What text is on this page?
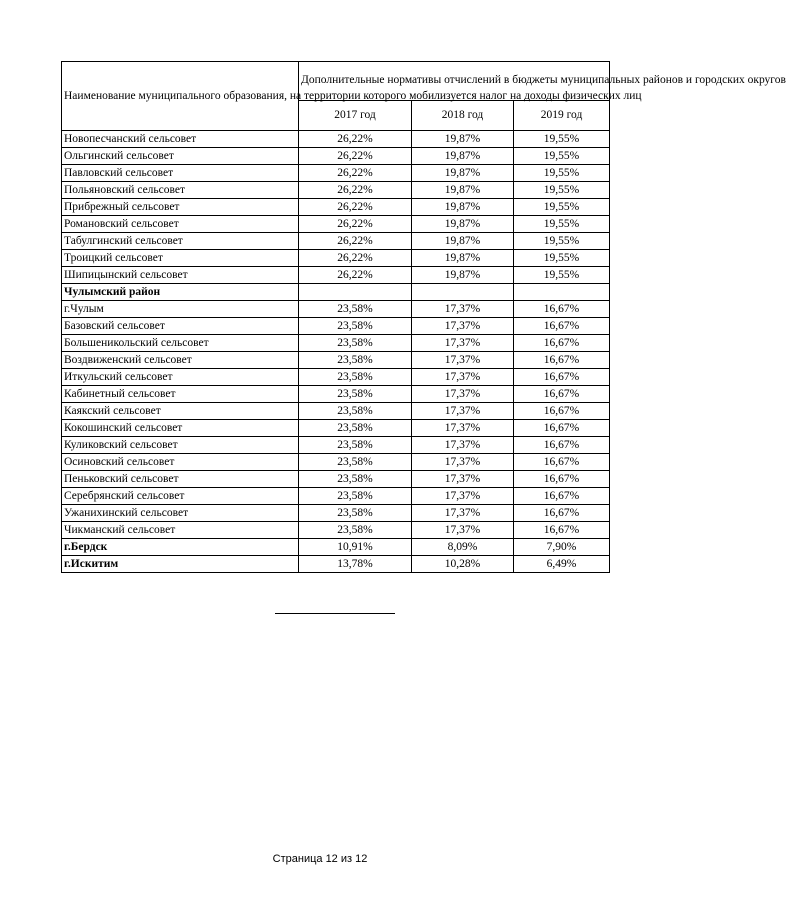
Наименование муниципального образования, на территории которого мобилизуется налог на доходы физических лиц	Дополнительные нормативы отчислений в бюджеты муниципальных районов и городских округов		
	2017 год	2018 год	2019 год
Новопесчанский сельсовет	26,22%	19,87%	19,55%
Ольгинский сельсовет	26,22%	19,87%	19,55%
Павловский сельсовет	26,22%	19,87%	19,55%
Польяновский сельсовет	26,22%	19,87%	19,55%
Прибрежный сельсовет	26,22%	19,87%	19,55%
Романовский сельсовет	26,22%	19,87%	19,55%
Табулгинский сельсовет	26,22%	19,87%	19,55%
Троицкий сельсовет	26,22%	19,87%	19,55%
Шипицынский сельсовет	26,22%	19,87%	19,55%
Чулымский район			
г.Чулым	23,58%	17,37%	16,67%
Базовский сельсовет	23,58%	17,37%	16,67%
Большеникольский сельсовет	23,58%	17,37%	16,67%
Воздвиженский сельсовет	23,58%	17,37%	16,67%
Иткульский сельсовет	23,58%	17,37%	16,67%
Кабинетный сельсовет	23,58%	17,37%	16,67%
Каякский сельсовет	23,58%	17,37%	16,67%
Кокошинский сельсовет	23,58%	17,37%	16,67%
Куликовский сельсовет	23,58%	17,37%	16,67%
Осиновский сельсовет	23,58%	17,37%	16,67%
Пеньковский сельсовет	23,58%	17,37%	16,67%
Серебрянский сельсовет	23,58%	17,37%	16,67%
Ужанихинский сельсовет	23,58%	17,37%	16,67%
Чикманский сельсовет	23,58%	17,37%	16,67%
г.Бердск	10,91%	8,09%	7,90%
г.Искитим	13,78%	10,28%	6,49%
Страница 12 из 12
